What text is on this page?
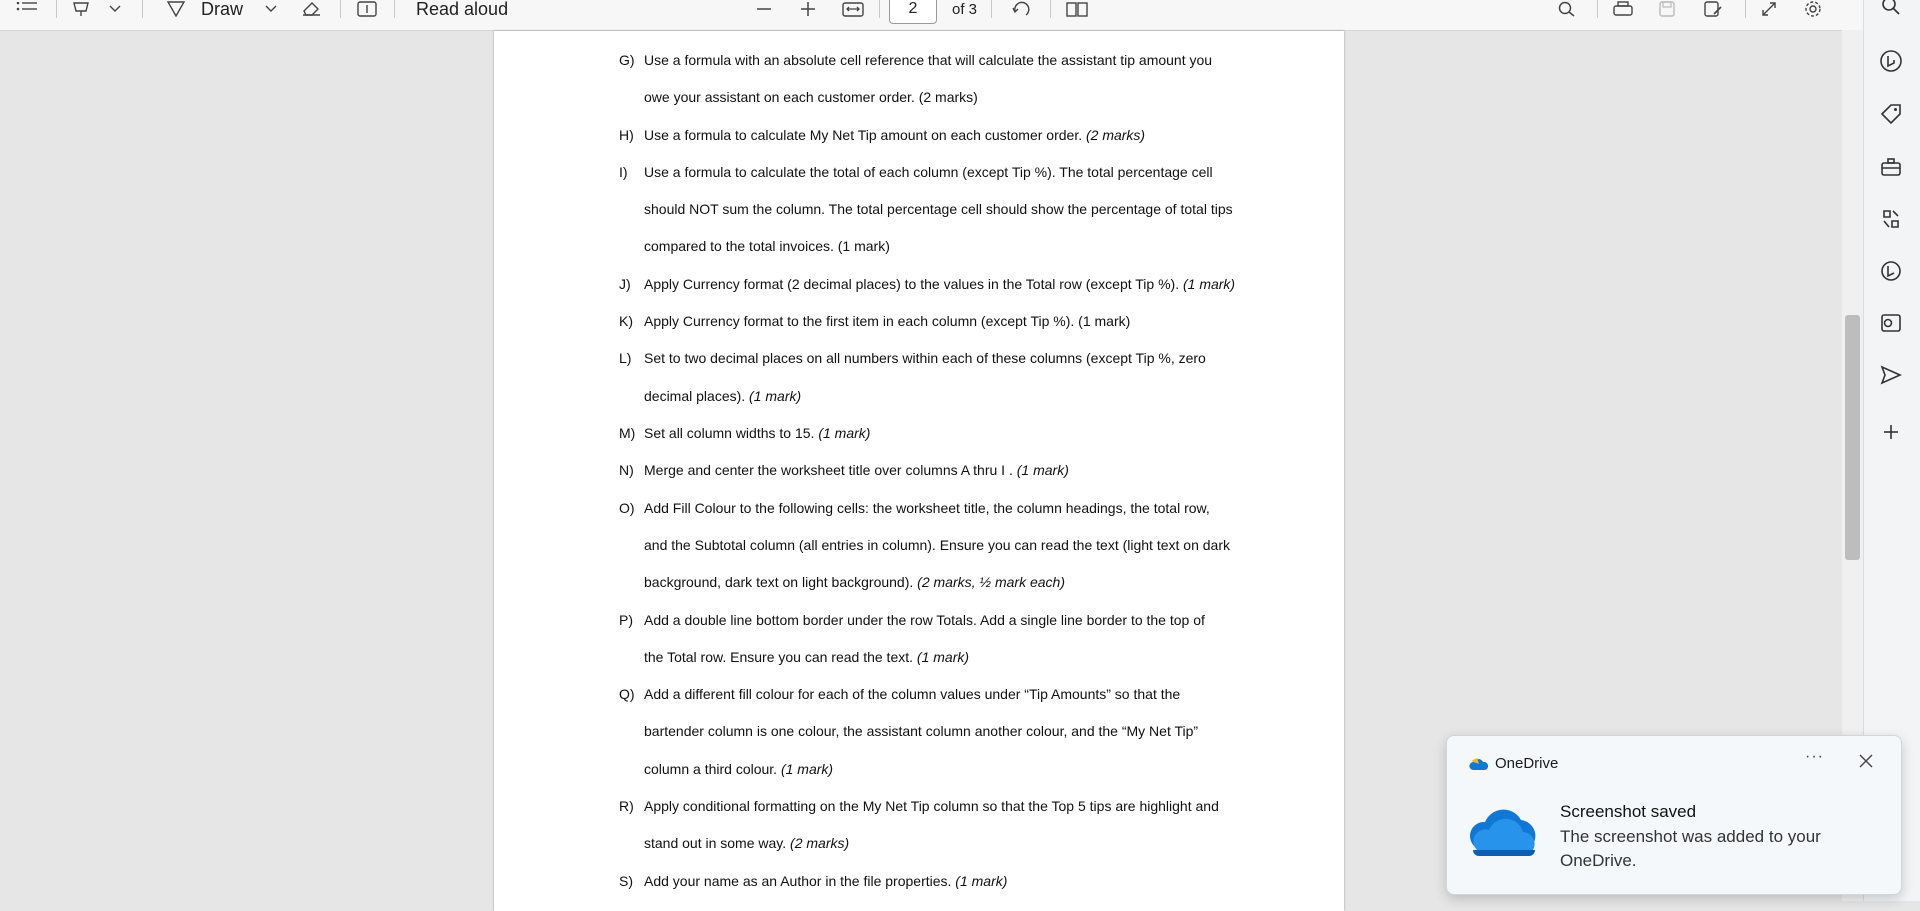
Draw	Read aloud	2	of 3
G) Use a formula with an absolute cell reference that will calculate the assistant tip amount you
owe your assistant on each customer order. (2 marks)
H) Use a formula to calculate My Net Tip amount on each customer order. (2 marks)
I) Use a formula to calculate the total of each column (except Tip %). The total percentage cell
should NOT sum the column. The total percentage cell should show the percentage of total tips
compared to the total invoices. (1 mark)
J) Apply Currency format (2 decimal places) to the values in the Total row (except Tip %). (1 mark)
K) Apply Currency format to the first item in each column (except Tip %). (1 mark)
L) Set to two decimal places on all numbers within each of these columns (except Tip %, zero
decimal places). (1 mark)
M) Set all column widths to 15. (1 mark)
N) Merge and center the worksheet title over columns A thru I . (1 mark)
O) Add Fill Colour to the following cells: the worksheet title, the column headings, the total row,
and the Subtotal column (all entries in column). Ensure you can read the text (light text on dark
background, dark text on light background). (2 marks, ½ mark each)
P) Add a double line bottom border under the row Totals. Add a single line border to the top of
the Total row. Ensure you can read the text. (1 mark)
Q) Add a different fill colour for each of the column values under “Tip Amounts” so that the
bartender column is one colour, the assistant column another colour, and the “My Net Tip”
column a third colour. (1 mark)
R) Apply conditional formatting on the My Net Tip column so that the Top 5 tips are highlight and
stand out in some way. (2 marks)
S) Add your name as an Author in the file properties. (1 mark)
OneDrive	···
Screenshot saved
The screenshot was added to your OneDrive.
